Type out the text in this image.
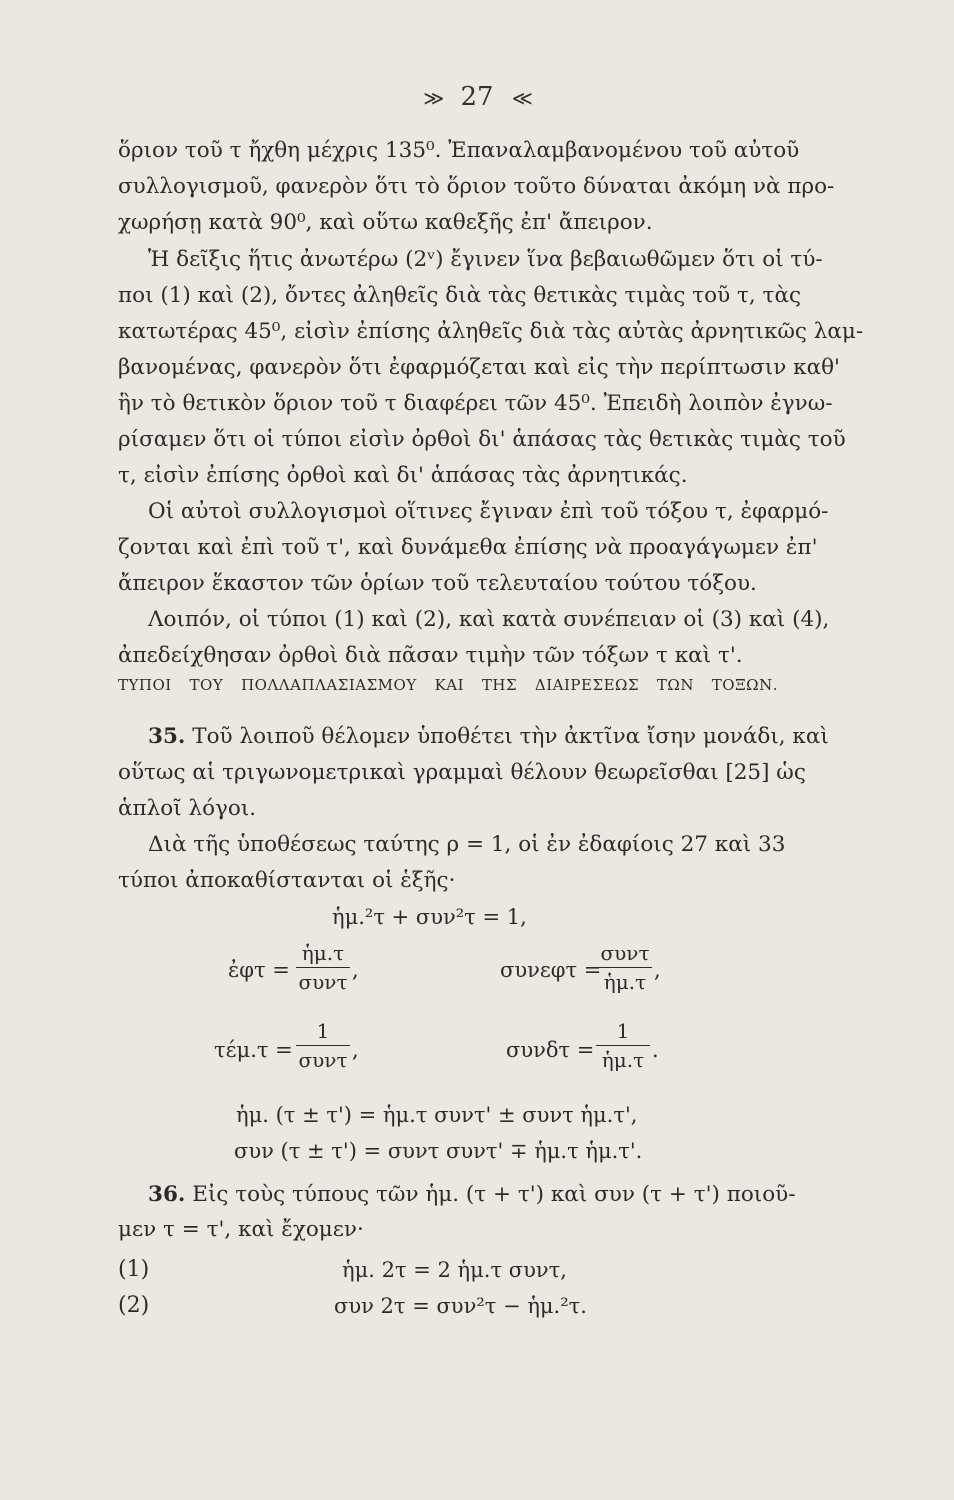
≫ 27 ≪
ὅριον τοῦ τ ἤχθη μέχρις 135⁰. Ἐπαναλαμβανομένου τοῦ αὐτοῦ
συλλογισμοῦ, φανερὸν ὅτι τὸ ὅριον τοῦτο δύναται ἀκόμη νὰ προ-
χωρήσῃ κατὰ 90⁰, καὶ οὕτω καθεξῆς ἐπ' ἄπειρον.
Ἡ δεῖξις ἥτις ἀνωτέρω (2ᵛ) ἔγινεν ἵνα βεβαιωθῶμεν ὅτι οἱ τύ-
ποι (1) καὶ (2), ὄντες ἀληθεῖς διὰ τὰς θετικὰς τιμὰς τοῦ τ, τὰς
κατωτέρας 45⁰, εἰσὶν ἐπίσης ἀληθεῖς διὰ τὰς αὐτὰς ἀρνητικῶς λαμ-
βανομένας, φανερὸν ὅτι ἐφαρμόζεται καὶ εἰς τὴν περίπτωσιν καθ'
ἣν τὸ θετικὸν ὅριον τοῦ τ διαφέρει τῶν 45⁰. Ἐπειδὴ λοιπὸν ἐγνω-
ρίσαμεν ὅτι οἱ τύποι εἰσὶν ὀρθοὶ δι' ἁπάσας τὰς θετικὰς τιμὰς τοῦ
τ, εἰσὶν ἐπίσης ὀρθοὶ καὶ δι' ἁπάσας τὰς ἀρνητικάς.
Οἱ αὐτοὶ συλλογισμοὶ οἵτινες ἔγιναν ἐπὶ τοῦ τόξου τ, ἐφαρμό-
ζονται καὶ ἐπὶ τοῦ τ', καὶ δυνάμεθα ἐπίσης νὰ προαγάγωμεν ἐπ'
ἄπειρον ἕκαστον τῶν ὁρίων τοῦ τελευταίου τούτου τόξου.
Λοιπόν, οἱ τύποι (1) καὶ (2), καὶ κατὰ συνέπειαν οἱ (3) καὶ (4),
ἀπεδείχθησαν ὀρθοὶ διὰ πᾶσαν τιμὴν τῶν τόξων τ καὶ τ'.
ΤΥΠΟΙ ΤΟΥ ΠΟΛΛΑΠΛΑΣΙΑΣΜΟΥ ΚΑΙ ΤΗΣ ΔΙΑΙΡΕΣΕΩΣ ΤΩΝ ΤΟΞΩΝ.
35. Τοῦ λοιποῦ θέλομεν ὑποθέτει τὴν ἀκτῖνα ἴσην μονάδι, καὶ
οὕτως αἱ τριγωνομετρικαὶ γραμμαὶ θέλουν θεωρεῖσθαι [25] ὡς
ἁπλοῖ λόγοι.
Διὰ τῆς ὑποθέσεως ταύτης ρ = 1, οἱ ἐν ἐδαφίοις 27 καὶ 33
τύποι ἀποκαθίστανται οἱ ἑξῆς·
ἡμ.²τ + συν²τ = 1,
ἐφτ =
ἡμ.τ
συντ ,	συνεφτ =
συντ
ἡμ.τ ,
τέμ.τ =
1
συντ ,	συνδτ =
1
ἡμ.τ .
ἡμ. (τ ± τ') = ἡμ.τ συντ' ± συντ ἡμ.τ',
συν (τ ± τ') = συντ συντ' ∓ ἡμ.τ ἡμ.τ'.
36. Εἰς τοὺς τύπους τῶν ἡμ. (τ + τ') καὶ συν (τ + τ') ποιοῦ-
μεν τ = τ', καὶ ἔχομεν·
(1)	ἡμ. 2τ = 2 ἡμ.τ συντ,
(2)	συν 2τ = συν²τ − ἡμ.²τ.
